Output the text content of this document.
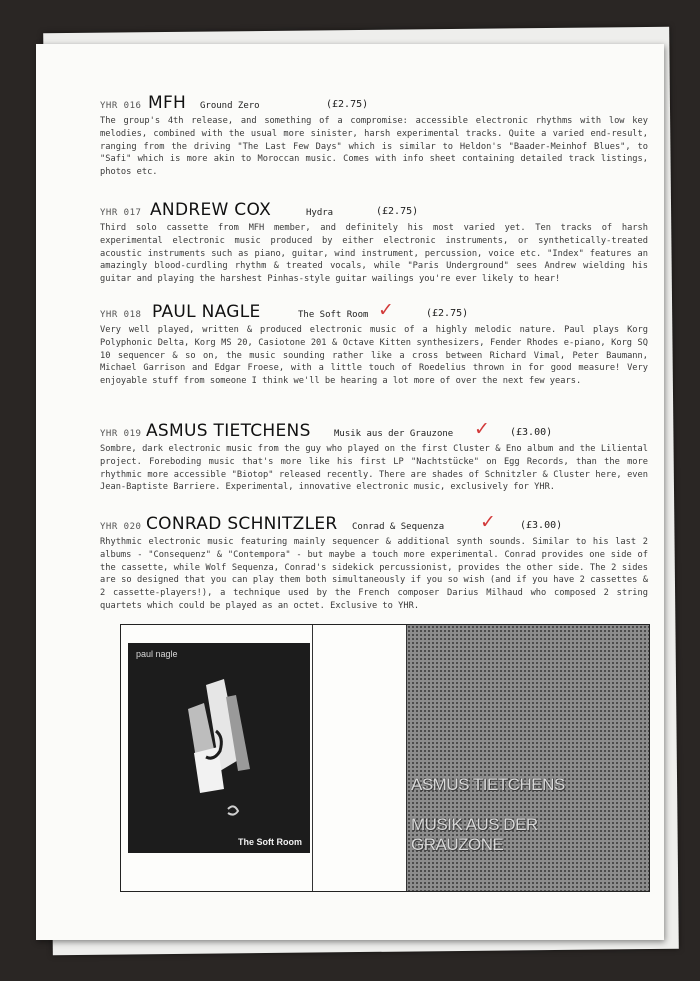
YHR 016 MFH Ground Zero	(£2.75)

The group's 4th release, and something of a compromise: accessible electronic rhythms with low key melodies, combined with the usual more sinister, harsh experimental tracks. Quite a varied end-result, ranging from the driving "The Last Few Days" which is similar to Heldon's "Baader-Meinhof Blues", to "Safi" which is more akin to Moroccan music. Comes with info sheet containing detailed track listings, photos etc.

YHR 017 ANDREW COX	Hydra	(£2.75)

Third solo cassette from MFH member, and definitely his most varied yet. Ten tracks of harsh experimental electronic music produced by either electronic instruments, or synthetically-treated acoustic instruments such as piano, guitar, wind instrument, percussion, voice etc. "Index" features an amazingly blood-curdling rhythm & treated vocals, while "Paris Underground" sees Andrew wielding his guitar and playing the harshest Pinhas-style guitar wailings you're ever likely to hear!

YHR 018 PAUL NAGLE	The Soft Room ✓	(£2.75)

Very well played, written & produced electronic music of a highly melodic nature. Paul plays Korg Polyphonic Delta, Korg MS 20, Casiotone 201 & Octave Kitten synthesizers, Fender Rhodes e-piano, Korg SQ 10 sequencer & so on, the music sounding rather like a cross between Richard Vimal, Peter Baumann, Michael Garrison and Edgar Froese, with a little touch of Roedelius thrown in for good measure! Very enjoyable stuff from someone I think we'll be hearing a lot more of over the next few years.

YHR 019 ASMUS TIETCHENS	Musik aus der Grauzone ✓ (£3.00)

Sombre, dark electronic music from the guy who played on the first Cluster & Eno album and the Liliental project. Foreboding music that's more like his first LP "Nachtstücke" on Egg Records, than the more rhythmic more accessible "Biotop" released recently. There are shades of Schnitzler & Cluster here, even Jean-Baptiste Barriere. Experimental, innovative electronic music, exclusively for YHR.

YHR 020 CONRAD SCHNITZLER Conrad & Sequenza ✓ (£3.00)

Rhythmic electronic music featuring mainly sequencer & additional synth sounds. Similar to his last 2 albums - "Consequenz" & "Contempora" - but maybe a touch more experimental. Conrad provides one side of the cassette, while Wolf Sequenza, Conrad's sidekick percussionist, provides the other side. The 2 sides are so designed that you can play them both simultaneously if you so wish (and if you have 2 cassettes & 2 cassette-players!), a technique used by the French composer Darius Milhaud who composed 2 string quartets which could be played as an octet. Exclusive to YHR.

paul nagle
The Soft Room
ASMUS TIETCHENS
MUSIK AUS DER GRAUZONE
